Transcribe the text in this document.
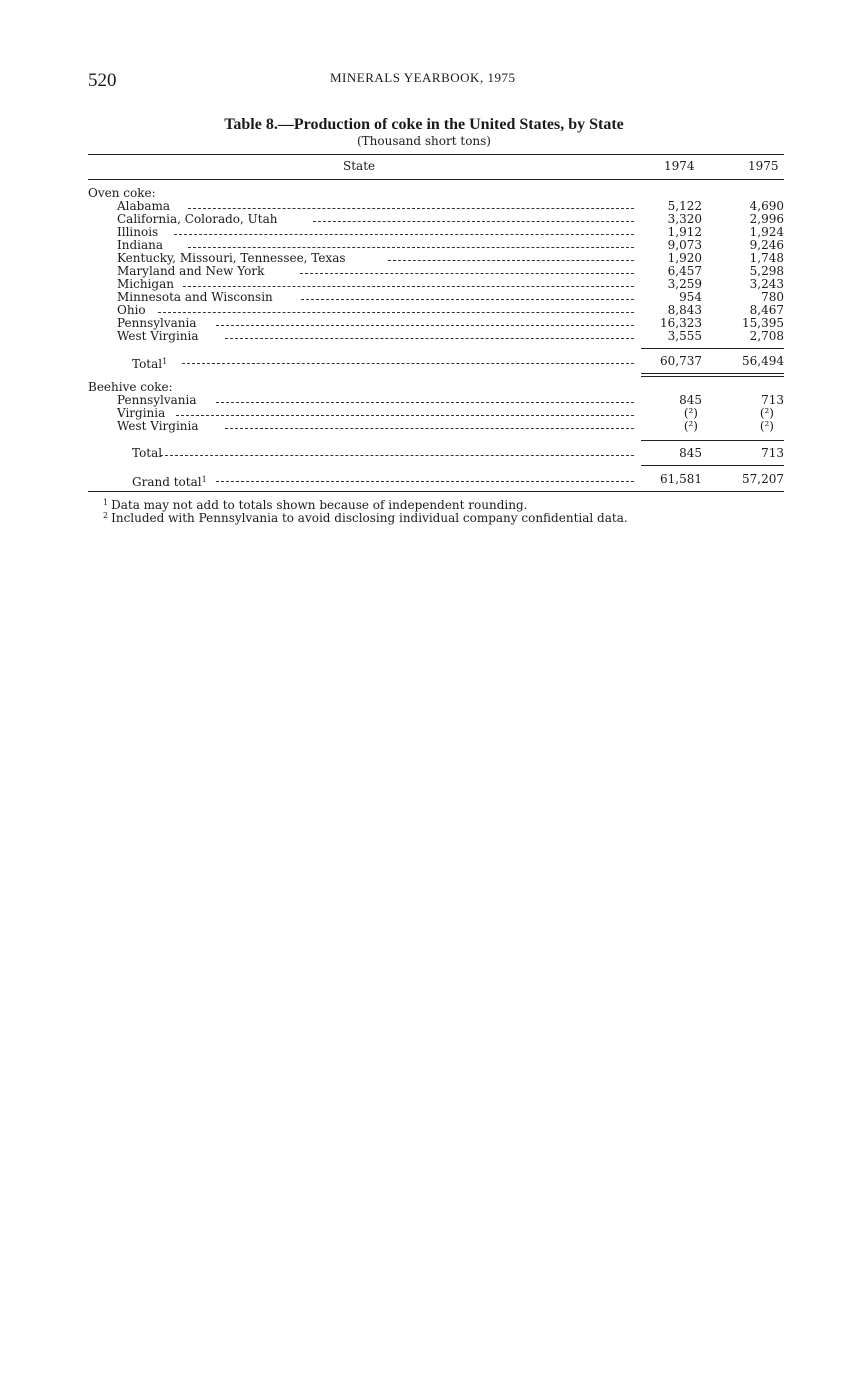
520	MINERALS YEARBOOK, 1975
Table 8.—Production of coke in the United States, by State
(Thousand short tons)
State	1974	1975
Oven coke:
Alabama	5,122	4,690
California, Colorado, Utah	3,320	2,996
Illinois	1,912	1,924
Indiana	9,073	9,246
Kentucky, Missouri, Tennessee, Texas	1,920	1,748
Maryland and New York	6,457	5,298
Michigan	3,259	3,243
Minnesota and Wisconsin	954	780
Ohio	8,843	8,467
Pennsylvania	16,323	15,395
West Virginia	3,555	2,708
Total$^1$	60,737	56,494
Beehive coke:
Pennsylvania	845	713
Virginia	(²)	(²)
West Virginia	(²)	(²)
Total	845	713
Grand total$^1$	61,581	57,207
$^1$ Data may not add to totals shown because of independent rounding.
$^2$ Included with Pennsylvania to avoid disclosing individual company confidential data.
